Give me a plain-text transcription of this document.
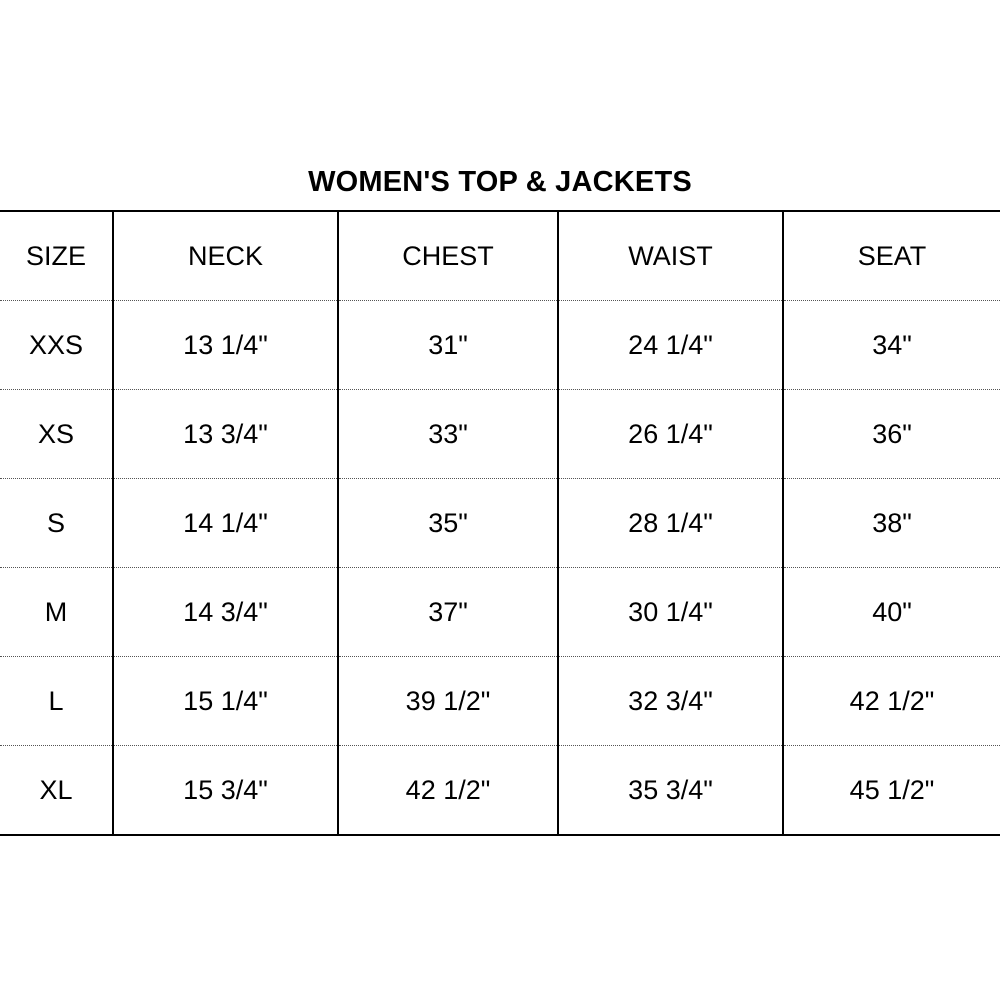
WOMEN'S TOP & JACKETS
SIZE	NECK	CHEST	WAIST	SEAT
XXS	13 1/4"	31"	24 1/4"	34"
XS	13 3/4"	33"	26 1/4"	36"
S	14 1/4"	35"	28 1/4"	38"
M	14 3/4"	37"	30 1/4"	40"
L	15 1/4"	39 1/2"	32 3/4"	42 1/2"
XL	15 3/4"	42 1/2"	35 3/4"	45 1/2"
